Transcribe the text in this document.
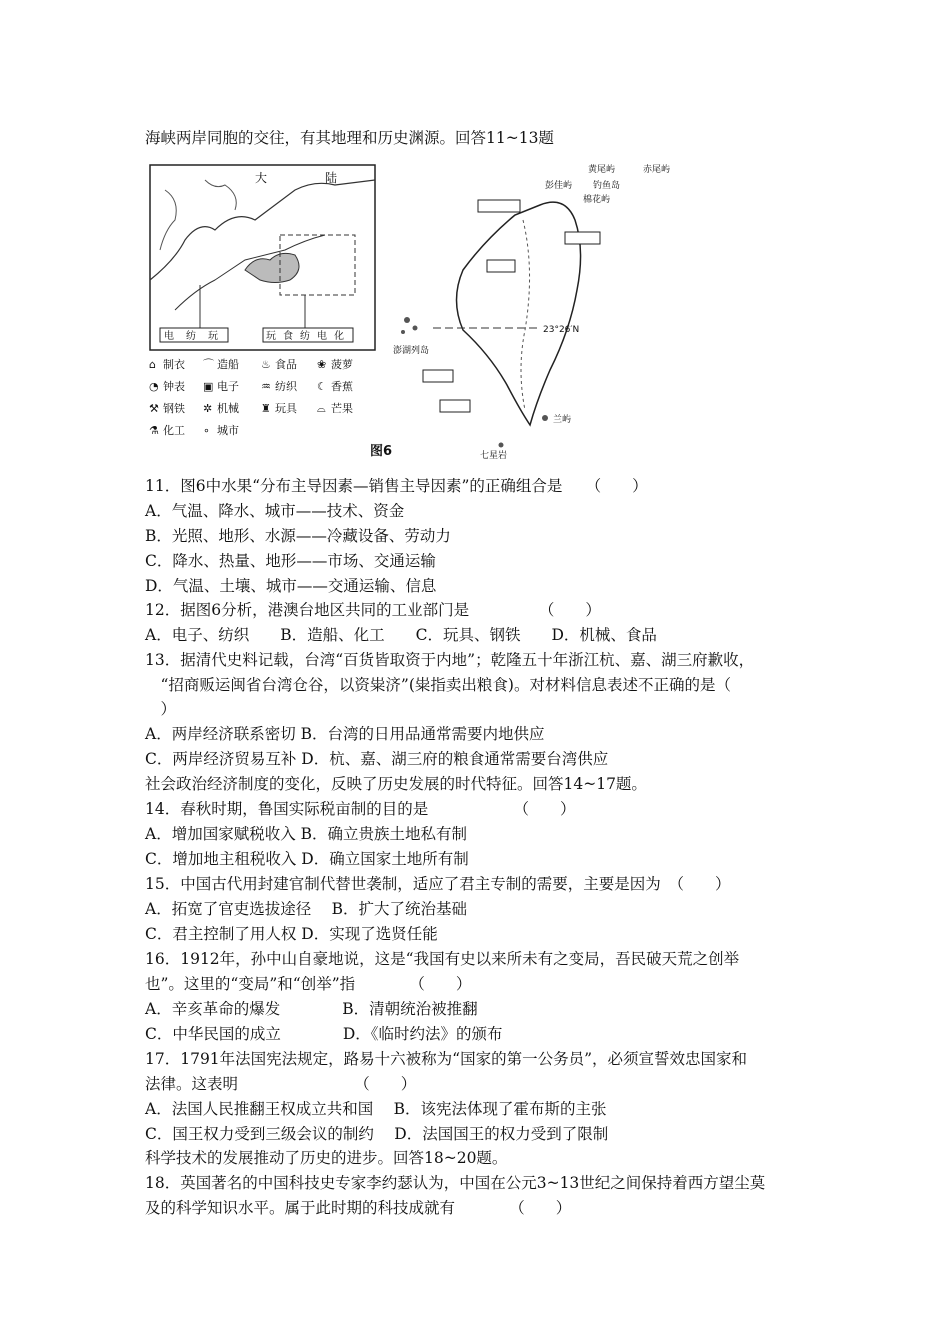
海峡两岸同胞的交往，有其地理和历史渊源。回答11~13题
大	陆
电 纺 玩	玩 食 纺 电 化
⌂ 制衣 ⌒ 造船 ♨ 食品 ❀ 菠萝
◔ 钟表 ▣ 电子 ♒ 纺织 ☾ 香蕉
⚒ 钢铁 ✲ 机械 ♜ 玩具 ⌓ 芒果
⚗ 化工 ∘ 城市
23°26′N
黄尾屿	赤尾屿
彭佳屿 钓鱼岛
棉花屿
澎湖列岛
兰屿
七星岩
图6
11．图6中水果“分布主导因素—销售主导因素”的正确组合是　　（　　）
A．气温、降水、城市——技术、资金
B．光照、地形、水源——冷藏设备、劳动力
C．降水、热量、地形——市场、交通运输
D．气温、土壤、城市——交通运输、信息
12．据图6分析，港澳台地区共同的工业部门是　　　　　（　　）
A．电子、纺织　　B．造船、化工　　C．玩具、钢铁　　D．机械、食品
13．据清代史料记载，台湾“百货皆取资于内地”；乾隆五十年浙江杭、嘉、湖三府歉收，
　“招商贩运闽省台湾仓谷，以资粜济”(粜指卖出粮食)。对材料信息表述不正确的是（
　）
A．两岸经济联系密切 B．台湾的日用品通常需要内地供应
C．两岸经济贸易互补 D．杭、嘉、湖三府的粮食通常需要台湾供应
社会政治经济制度的变化，反映了历史发展的时代特征。回答14~17题。
14．春秋时期，鲁国实际税亩制的目的是　　　　　　（　　）
A．增加国家赋税收入 B．确立贵族土地私有制
C．增加地主租税收入 D．确立国家土地所有制
15．中国古代用封建官制代替世袭制，适应了君主专制的需要，主要是因为　（　　）
A．拓宽了官吏选拔途径　 B．扩大了统治基础
C．君主控制了用人权 D．实现了选贤任能
16．1912年，孙中山自豪地说，这是“我国有史以来所未有之变局，吾民破天荒之创举
也”。这里的“变局”和“创举”指　　　　（　　）
A．辛亥革命的爆发　　　　B．清朝统治被推翻
C．中华民国的成立　　　　D．《临时约法》的颁布
17．1791年法国宪法规定，路易十六被称为“国家的第一公务员”，必须宣誓效忠国家和
法律。这表明　　　　　　　　（　　）
A．法国人民推翻王权成立共和国　 B．该宪法体现了霍布斯的主张
C．国王权力受到三级会议的制约　 D．法国国王的权力受到了限制
科学技术的发展推动了历史的进步。回答18~20题。
18．英国著名的中国科技史专家李约瑟认为，中国在公元3~13世纪之间保持着西方望尘莫
及的科学知识水平。属于此时期的科技成就有　　　　（　　）
